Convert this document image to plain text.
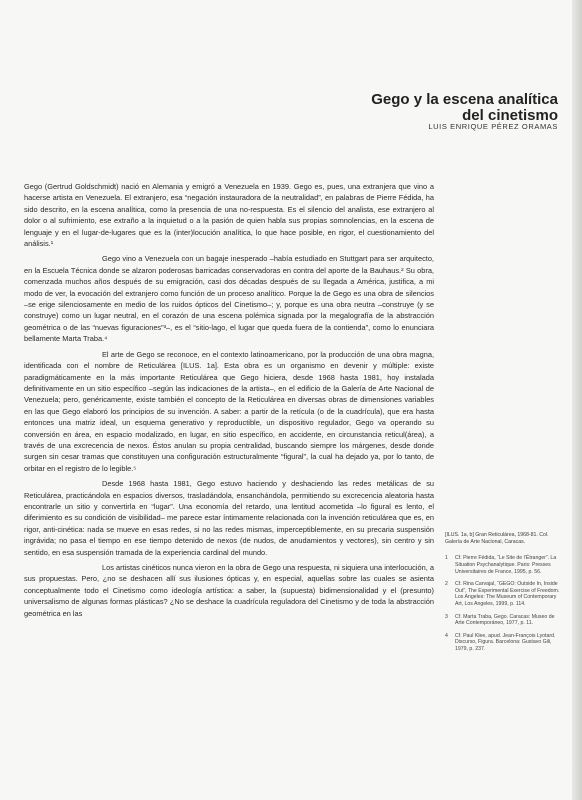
Gego y la escena analítica
del cinetismo
LUIS ENRIQUE PÉREZ ORAMAS

Gego (Gertrud Goldschmidt) nació en Alemania y emigró a Venezuela en 1939. Gego es, pues, una extranjera que vino a hacerse artista en Venezuela. El extranjero, esa “negación instauradora de la neutralidad”, en palabras de Pierre Fédida, ha sido descrito, en la escena analítica, como la presencia de una no-respuesta. Es el silencio del analista, ese extranjero al dolor o al sufrimiento, ese extraño a la inquietud o a la pasión de quien habla sus propias somnolencias, en la escena de lenguaje y en el lugar-de-lugares que es la (inter)locución analítica, lo que hace posible, en rigor, el cuestionamiento del análisis.¹

Gego vino a Venezuela con un bagaje inesperado –había estudiado en Stuttgart para ser arquitecto, en la Escuela Técnica donde se alzaron poderosas barricadas conservadoras en contra del aporte de la Bauhaus.² Su obra, comenzada muchos años después de su emigración, casi dos décadas después de su llegada a América, justifica, a mi modo de ver, la evocación del extranjero como función de un proceso analítico. Porque la de Gego es una obra de silencios –se erige silenciosamente en medio de los ruidos ópticos del Cinetismo–; y, porque es una obra neutra –construye (y se construye) como un lugar neutral, en el corazón de una escena polémica signada por la megalografía de la abstracción geométrica o de las “nuevas figuraciones”³–, es el “sitio-lago, el lugar que queda fuera de la contienda”, como lo enunciara bellamente Marta Traba.⁴

El arte de Gego se reconoce, en el contexto latinoamericano, por la producción de una obra magna, identificada con el nombre de Reticulárea [ILUS. 1a]. Esta obra es un organismo en devenir y múltiple: existe paradigmáticamente en la más importante Reticulárea que Gego hiciera, desde 1968 hasta 1981, hoy instalada definitivamente en un sitio específico –según las indicaciones de la artista–, en el edificio de la Galería de Arte Nacional de Venezuela; pero, genéricamente, existe también el concepto de la Reticulárea en diversas obras de dimensiones variables en las que Gego elaboró los principios de su invención. A saber: a partir de la retícula (o de la cuadrícula), que era hasta entonces una matriz ideal, un esquema generativo y reproductible, un dispositivo regulador, Gego va operando su conversión en área, en espacio modalizado, en lugar, en sitio específico, en accidente, en circunstancia reticul(área), a través de una excrecencia de nexos. Éstos anulan su propia centralidad, buscando siempre los márgenes, desde donde surgen sin cesar tramas que constituyen una configuración estructuralmente “figural”, la cual ha dejado ya, por lo tanto, de orbitar en el registro de lo legible.⁵

Desde 1968 hasta 1981, Gego estuvo haciendo y deshaciendo las redes metálicas de su Reticulárea, practicándola en espacios diversos, trasladándola, ensanchándola, permitiendo su excrecencia aleatoria hasta encontrarle un sitio y convertirla en “lugar”. Una economía del retardo, una lentitud acometida –lo figural es lento, el diferimiento es su condición de visibilidad– me parece estar íntimamente relacionada con la invención reticulárea que es, en rigor, anti-cinética: nada se mueve en esas redes, si no las redes mismas, imperceptiblemente, en su precaria suspensión ingrávida; no pasa el tiempo en ese tiempo detenido de nexos (de nudos, de anudamientos y vectores), sin centro y sin sentido, en esa suspensión tramada de la experiencia cardinal del mundo.

Los artistas cinéticos nunca vieron en la obra de Gego una respuesta, ni siquiera una interlocución, a sus propuestas. Pero, ¿no se deshacen allí sus ilusiones ópticas y, en especial, aquellas sobre las cuales se asienta conceptualmente todo el Cinetismo como ideología artística: a saber, la (supuesta) bidimensionalidad y el (presunto) universalismo de algunas formas plásticas? ¿No se deshace la cuadrícula reguladora del Cinetismo y de toda la abstracción geométrica en las

[ILUS. 1a, b] Gran Reticulárea, 1968-81. Col. Galería de Arte Nacional, Caracas.
1	Cf. Pierre Fédida, “Le Site de l’Étranger”. La Situation Psychanalytique. Paris: Presses Universitaires de France, 1995, p. 56.
2	Cf. Rina Carvajal, “GEGO: Outside In, Inside Out”, The Experimental Exercise of Freedom. Los Angeles: The Museum of Contemporary Art, Los Angeles, 1999, p. 114.
3	Cf. Marta Traba, Gego. Caracas: Museo de Arte Contemporáneo, 1977, p. 11.
4	Cf. Paul Klee, apud. Jean-François Lyotard. Discurso, Figura. Barcelona: Gustavo Gili, 1979, p. 237.
